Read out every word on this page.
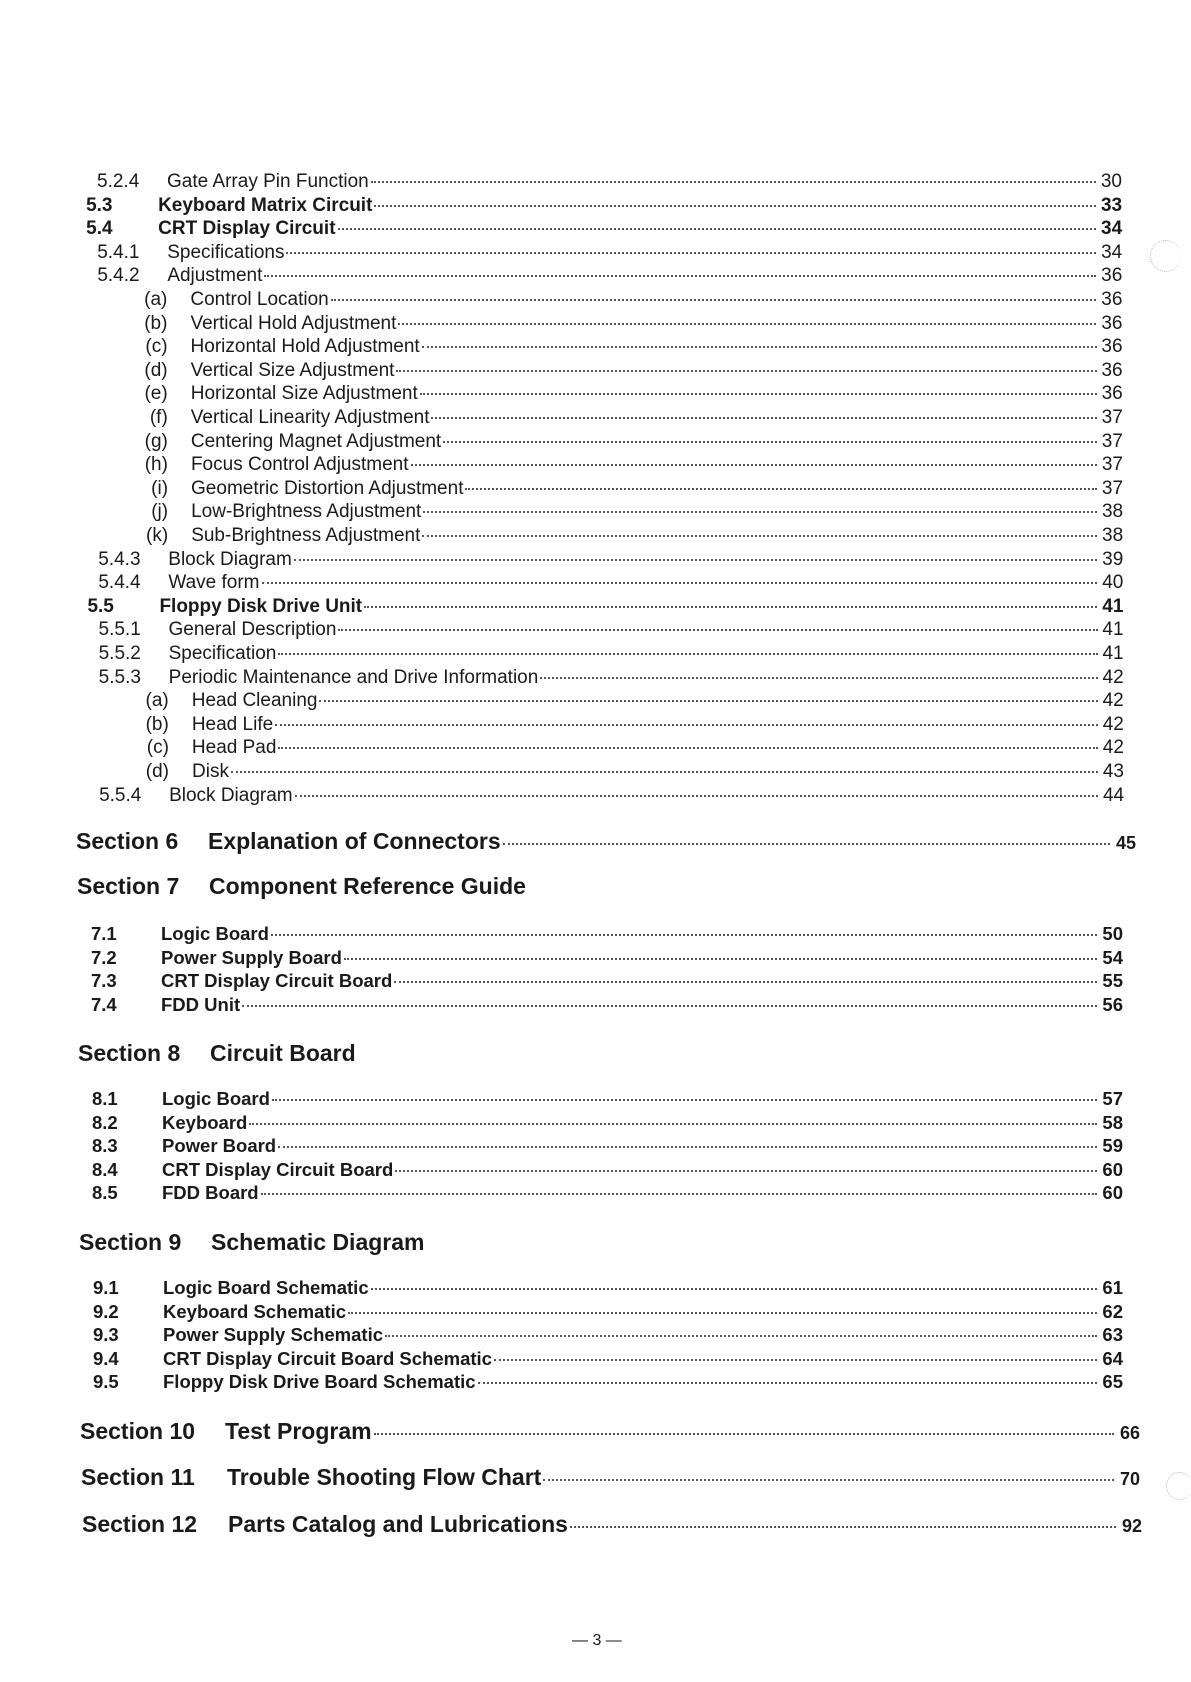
5.2.4	Gate Array Pin Function	30
5.3	Keyboard Matrix Circuit	33
5.4	CRT Display Circuit	34
5.4.1	Specifications	34
5.4.2	Adjustment	36
(a)	Control Location	36
(b)	Vertical Hold Adjustment	36
(c)	Horizontal Hold Adjustment	36
(d)	Vertical Size Adjustment	36
(e)	Horizontal Size Adjustment	36
(f)	Vertical Linearity Adjustment	37
(g)	Centering Magnet Adjustment	37
(h)	Focus Control Adjustment	37
(i)	Geometric Distortion Adjustment	37
(j)	Low-Brightness Adjustment	38
(k)	Sub-Brightness Adjustment	38
5.4.3	Block Diagram	39
5.4.4	Wave form	40
5.5	Floppy Disk Drive Unit	41
5.5.1	General Description	41
5.5.2	Specification	41
5.5.3	Periodic Maintenance and Drive Information	42
(a)	Head Cleaning	42
(b)	Head Life	42
(c)	Head Pad	42
(d)	Disk	43
5.5.4	Block Diagram	44
Section 6	Explanation of Connectors	45
Section 7 Component Reference Guide
7.1	Logic Board	50
7.2	Power Supply Board	54
7.3	CRT Display Circuit Board	55
7.4	FDD Unit	56
Section 8 Circuit Board
8.1	Logic Board	57
8.2	Keyboard	58
8.3	Power Board	59
8.4	CRT Display Circuit Board	60
8.5	FDD Board	60
Section 9 Schematic Diagram
9.1	Logic Board Schematic	61
9.2	Keyboard Schematic	62
9.3	Power Supply Schematic	63
9.4	CRT Display Circuit Board Schematic	64
9.5	Floppy Disk Drive Board Schematic	65
Section 10	Test Program	66
Section 11	Trouble Shooting Flow Chart	70
Section 12	Parts Catalog and Lubrications	92
— 3 —
